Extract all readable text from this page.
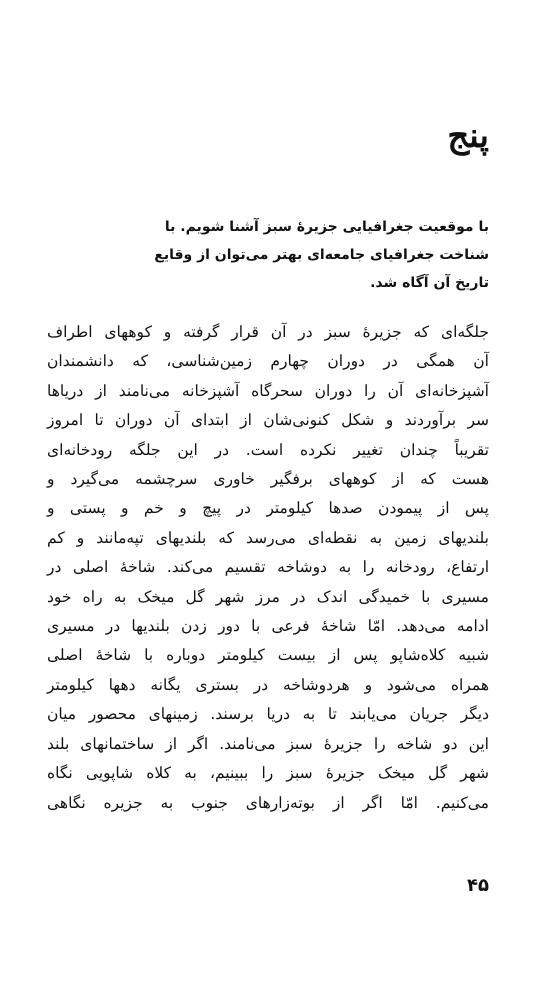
پنج

با موقعیت جغرافیایی جزیرهٔ سبز آشنا شویم. با
شناخت جغرافیای جامعه‌ای بهتر می‌توان از وقایع
تاریخ آن آگاه شد.

جلگه‌ای که جزیرهٔ سبز در آن قرار گرفته و کوههای اطراف
آن همگی در دوران چهارم زمین‌شناسی، که دانشمندان
آشپزخانه‌ای آن را دوران سحرگاه آشپزخانه می‌نامند از دریاها
سر برآوردند و شکل کنونی‌شان از ابتدای آن دوران تا امروز
تقریباً چندان تغییر نکرده است. در این جلگه رودخانه‌ای
هست که از کوههای برفگیر خاوری سرچشمه می‌گیرد و
پس از پیمودن صدها کیلومتر در پیچ و خم و پستی و
بلندیهای زمین به نقطه‌ای می‌رسد که بلندیهای تپه‌مانند و کم
ارتفاع، رودخانه را به دوشاخه تقسیم می‌کند. شاخهٔ اصلی در
مسیری با خمیدگی اندک در مرز شهر گل میخک به راه خود
ادامه می‌دهد. امّا شاخهٔ فرعی با دور زدن بلندیها در مسیری
شبیه کلاه‌شاپو پس از بیست کیلومتر دوباره با شاخهٔ اصلی
همراه می‌شود و هردوشاخه در بستری یگانه دهها کیلومتر
دیگر جریان می‌یابند تا به دریا برسند. زمینهای محصور میان
این دو شاخه را جزیرهٔ سبز می‌نامند. اگر از ساختمانهای بلند
شهر گل میخک جزیرهٔ سبز را ببینیم، به کلاه شاپویی نگاه
می‌کنیم. امّا اگر از بوته‌زارهای جنوب به جزیره نگاهی
۴۵
